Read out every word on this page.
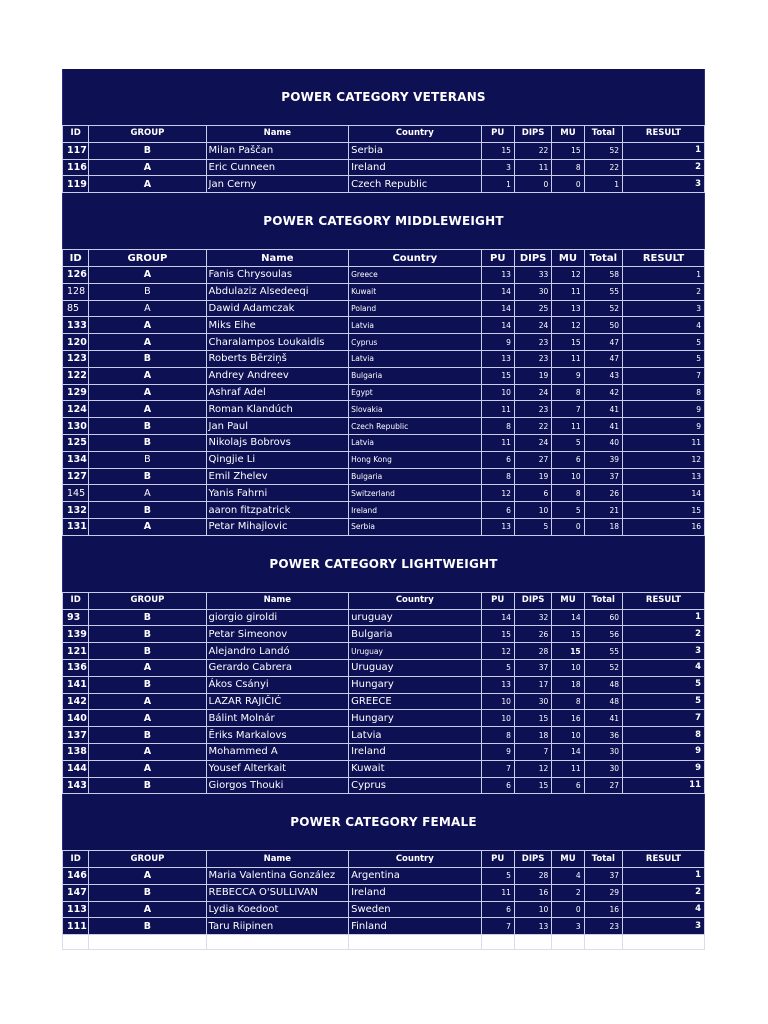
POWER CATEGORY VETERANS
ID	GROUP	Name	Country	PU	DIPS	MU	Total	RESULT
117	B	Milan Paščan	Serbia	15	22	15	52	1
116	A	Eric Cunneen	Ireland	3	11	8	22	2
119	A	Jan Cerny	Czech Republic	1	0	0	1	3
POWER CATEGORY MIDDLEWEIGHT
ID	GROUP	Name	Country	PU	DIPS	MU	Total	RESULT
126	A	Fanis Chrysoulas	Greece	13	33	12	58	1
128	B	Abdulaziz Alsedeeqi	Kuwait	14	30	11	55	2
85	A	Dawid Adamczak	Poland	14	25	13	52	3
133	A	Miks Eihe	Latvia	14	24	12	50	4
120	A	Charalampos Loukaidis	Cyprus	9	23	15	47	5
123	B	Roberts Bērziņš	Latvia	13	23	11	47	5
122	A	Andrey Andreev	Bulgaria	15	19	9	43	7
129	A	Ashraf Adel	Egypt	10	24	8	42	8
124	A	Roman Klandúch	Slovakia	11	23	7	41	9
130	B	Jan Paul	Czech Republic	8	22	11	41	9
125	B	Nikolajs Bobrovs	Latvia	11	24	5	40	11
134	B	Qingjie Li	Hong Kong	6	27	6	39	12
127	B	Emil Zhelev	Bulgaria	8	19	10	37	13
145	A	Yanis Fahrni	Switzerland	12	6	8	26	14
132	B	aaron fitzpatrick	Ireland	6	10	5	21	15
131	A	Petar Mihajlovic	Serbia	13	5	0	18	16
POWER CATEGORY LIGHTWEIGHT
ID	GROUP	Name	Country	PU	DIPS	MU	Total	RESULT
93	B	giorgio giroldi	uruguay	14	32	14	60	1
139	B	Petar Simeonov	Bulgaria	15	26	15	56	2
121	B	Alejandro Landó	Uruguay	12	28	15	55	3
136	A	Gerardo Cabrera	Uruguay	5	37	10	52	4
141	B	Ákos Csányi	Hungary	13	17	18	48	5
142	A	LAZAR RAJIČIĆ	GREECE	10	30	8	48	5
140	A	Bálint Molnár	Hungary	10	15	16	41	7
137	B	Ēriks Markalovs	Latvia	8	18	10	36	8
138	A	Mohammed A	Ireland	9	7	14	30	9
144	A	Yousef Alterkait	Kuwait	7	12	11	30	9
143	B	Giorgos Thouki	Cyprus	6	15	6	27	11
POWER CATEGORY FEMALE
ID	GROUP	Name	Country	PU	DIPS	MU	Total	RESULT
146	A	Maria Valentina González	Argentina	5	28	4	37	1
147	B	REBECCA O'SULLIVAN	Ireland	11	16	2	29	2
113	A	Lydia Koedoot	Sweden	6	10	0	16	4
111	B	Taru Riipinen	Finland	7	13	3	23	3
